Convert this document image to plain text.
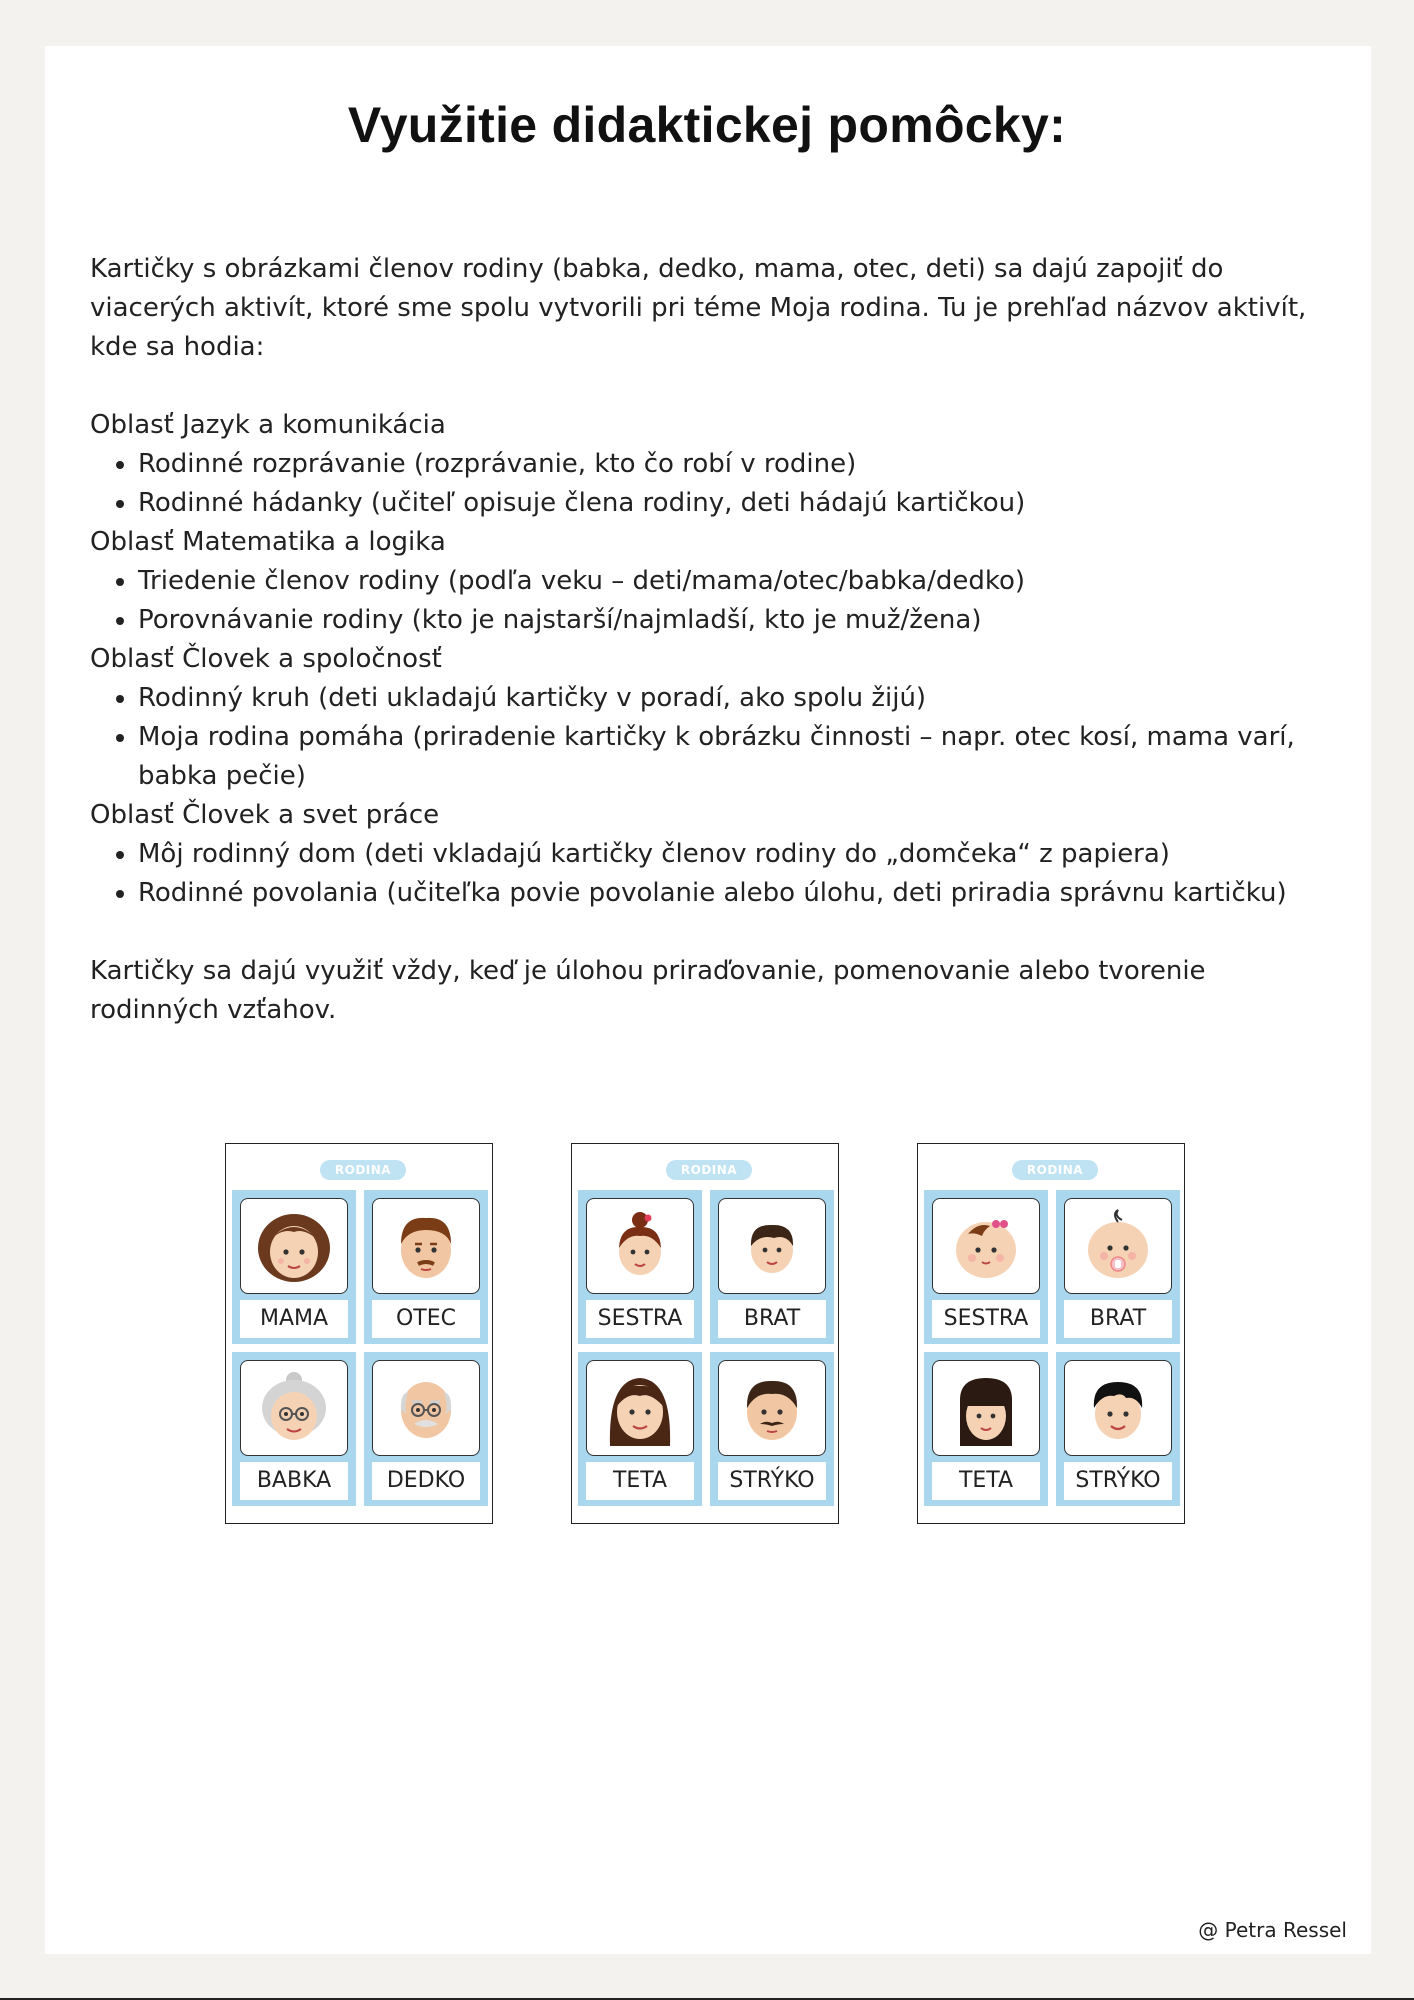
Využitie didaktickej pomôcky:

Kartičky s obrázkami členov rodiny (babka, dedko, mama, otec, deti) sa dajú zapojiť do viacerých aktivít, ktoré sme spolu vytvorili pri téme Moja rodina. Tu je prehľad názvov aktivít, kde sa hodia:

Oblasť Jazyk a komunikácia

• Rodinné rozprávanie (rozprávanie, kto čo robí v rodine)
• Rodinné hádanky (učiteľ opisuje člena rodiny, deti hádajú kartičkou)

Oblasť Matematika a logika

• Triedenie členov rodiny (podľa veku – deti/mama/otec/babka/dedko)
• Porovnávanie rodiny (kto je najstarší/najmladší, kto je muž/žena)

Oblasť Človek a spoločnosť

• Rodinný kruh (deti ukladajú kartičky v poradí, ako spolu žijú)
• Moja rodina pomáha (priradenie kartičky k obrázku činnosti – napr. otec kosí, mama varí, babka pečie)

Oblasť Človek a svet práce

• Môj rodinný dom (deti vkladajú kartičky členov rodiny do „domčeka“ z papiera)
• Rodinné povolania (učiteľka povie povolanie alebo úlohu, deti priradia správnu kartičku)

Kartičky sa dajú využiť vždy, keď je úlohou priraďovanie, pomenovanie alebo tvorenie rodinných vzťahov.

RODINA
MAMA	OTEC
BABKA	DEDKO
RODINA
SESTRA	BRAT
TETA	STRÝKO
RODINA
SESTRA	BRAT
TETA	STRÝKO
@ Petra Ressel
